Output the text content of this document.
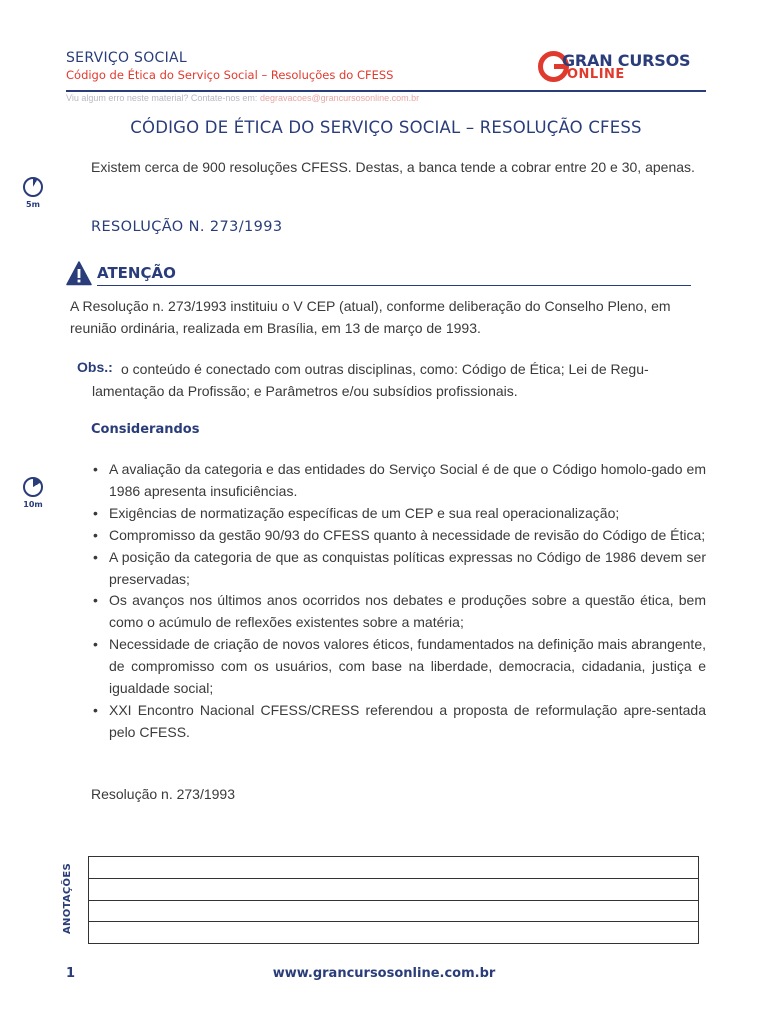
SERVIÇO SOCIAL
Código de Ética do Serviço Social – Resoluções do CFESS
Viu algum erro neste material? Contate-nos em: degravacoes@grancursosonline.com.br
GRAN CURSOS
ONLINE
CÓDIGO DE ÉTICA DO SERVIÇO SOCIAL – RESOLUÇÃO CFESS
Existem cerca de 900 resoluções CFESS. Destas, a banca tende a cobrar entre 20 e 30, apenas.
5m
RESOLUÇÃO N. 273/1993
ATENÇÃO
A Resolução n. 273/1993 instituiu o V CEP (atual), conforme deliberação do Conselho Pleno, em reunião ordinária, realizada em Brasília, em 13 de março de 1993.
Obs.: o conteúdo é conectado com outras disciplinas, como: Código de Ética; Lei de Regu-
lamentação da Profissão; e Parâmetros e/ou subsídios profissionais.
Considerandos
10m
• A avaliação da categoria e das entidades do Serviço Social é de que o Código homolo-gado em 1986 apresenta insuficiências.
• Exigências de normatização específicas de um CEP e sua real operacionalização;
• Compromisso da gestão 90/93 do CFESS quanto à necessidade de revisão do Código de Ética;
• A posição da categoria de que as conquistas políticas expressas no Código de 1986 devem ser preservadas;
• Os avanços nos últimos anos ocorridos nos debates e produções sobre a questão ética, bem como o acúmulo de reflexões existentes sobre a matéria;
• Necessidade de criação de novos valores éticos, fundamentados na definição mais abrangente, de compromisso com os usuários, com base na liberdade, democracia, cidadania, justiça e igualdade social;
• XXI Encontro Nacional CFESS/CRESS referendou a proposta de reformulação apre-sentada pelo CFESS.
Resolução n. 273/1993
ANOTAÇÕES
1	www.grancursosonline.com.br
